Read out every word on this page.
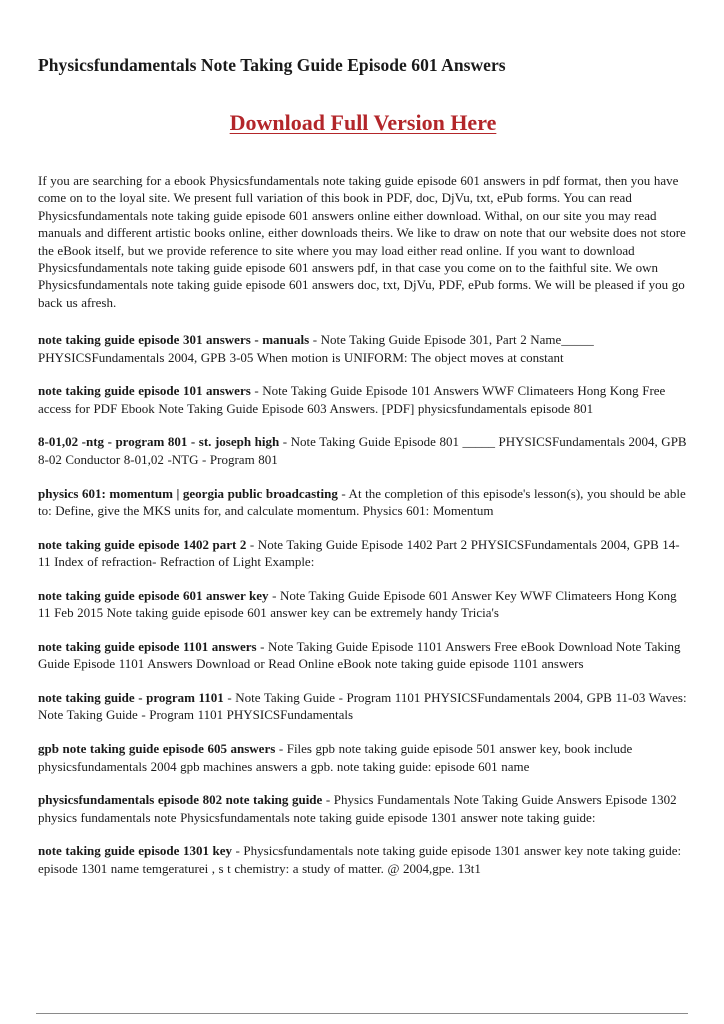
Physicsfundamentals Note Taking Guide Episode 601 Answers
Download Full Version Here

If you are searching for a ebook Physicsfundamentals note taking guide episode 601 answers in pdf format, then you have come on to the loyal site. We present full variation of this book in PDF, doc, DjVu, txt, ePub forms. You can read Physicsfundamentals note taking guide episode 601 answers online either download. Withal, on our site you may read manuals and different artistic books online, either downloads theirs. We like to draw on note that our website does not store the eBook itself, but we provide reference to site where you may load either read online. If you want to download Physicsfundamentals note taking guide episode 601 answers pdf, in that case you come on to the faithful site. We own Physicsfundamentals note taking guide episode 601 answers doc, txt, DjVu, PDF, ePub forms. We will be pleased if you go back us afresh.

note taking guide episode 301 answers - manuals - Note Taking Guide Episode 301, Part 2 Name_____ PHYSICSFundamentals 2004, GPB 3-05 When motion is UNIFORM: The object moves at constant

note taking guide episode 101 answers - Note Taking Guide Episode 101 Answers WWF Climateers Hong Kong Free access for PDF Ebook Note Taking Guide Episode 603 Answers. [PDF] physicsfundamentals episode 801

8-01,02 -ntg - program 801 - st. joseph high - Note Taking Guide Episode 801 _____ PHYSICSFundamentals 2004, GPB 8-02 Conductor 8-01,02 -NTG - Program 801

physics 601: momentum | georgia public broadcasting - At the completion of this episode's lesson(s), you should be able to: Define, give the MKS units for, and calculate momentum. Physics 601: Momentum

note taking guide episode 1402 part 2 - Note Taking Guide Episode 1402 Part 2 PHYSICSFundamentals 2004, GPB 14-11 Index of refraction- Refraction of Light Example:

note taking guide episode 601 answer key - Note Taking Guide Episode 601 Answer Key WWF Climateers Hong Kong 11 Feb 2015 Note taking guide episode 601 answer key can be extremely handy Tricia's

note taking guide episode 1101 answers - Note Taking Guide Episode 1101 Answers Free eBook Download Note Taking Guide Episode 1101 Answers Download or Read Online eBook note taking guide episode 1101 answers

note taking guide - program 1101 - Note Taking Guide - Program 1101 PHYSICSFundamentals 2004, GPB 11-03 Waves: Note Taking Guide - Program 1101 PHYSICSFundamentals

gpb note taking guide episode 605 answers - Files gpb note taking guide episode 501 answer key, book include physicsfundamentals 2004 gpb machines answers a gpb. note taking guide: episode 601 name

physicsfundamentals episode 802 note taking guide - Physics Fundamentals Note Taking Guide Answers Episode 1302 physics fundamentals note Physicsfundamentals note taking guide episode 1301 answer note taking guide:

note taking guide episode 1301 key - Physicsfundamentals note taking guide episode 1301 answer key note taking guide: episode 1301 name temgeraturei , s t chemistry: a study of matter. @ 2004,gpe. 13t1
